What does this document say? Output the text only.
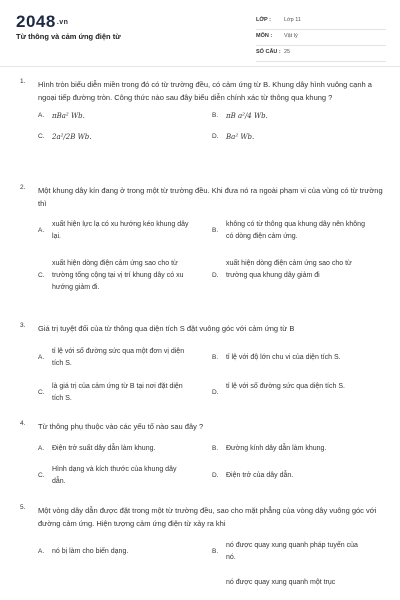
2048.vn
Từ thông và cảm ứng điện từ
LỚP : Lớp 11
MÔN : Vật lý
SỐ CÂU : 25
1.	Hình tròn biểu diễn miền trong đó có từ trường đều, có cảm ứng từ B. Khung dây hình vuông cạnh a ngoại tiếp đường tròn. Công thức nào sau đây biểu diễn chính xác từ thông qua khung ?
A. πBa² Wb.	B. πB a²/4 Wb.
C. 2a²/2B Wb.	D. Ba² Wb.
2.	Một khung dây kín đang ở trong một từ trường đều. Khi đưa nó ra ngoài phạm vi của vùng có từ trường thì
A.
xuất hiện lực lạ có xu hướng kéo khung dây lại.
B.
không có từ thông qua khung dây nên không có dòng điện cảm ứng.
C.
xuất hiện dòng điện cảm ứng sao cho từ trường tổng cộng tại vị trí khung dây có xu hướng giảm đi.
D.
xuất hiện dòng điện cảm ứng sao cho từ trường qua khung dây giảm đi
3.	Giá trị tuyệt đối của từ thông qua diện tích S đặt vuông góc với cảm ứng từ B
A.
tỉ lệ với số đường sức qua một đơn vị diện tích S.
B. tỉ lệ với độ lớn chu vi của diện tích S.
C.
là giá trị của cảm ứng từ B tại nơi đặt diện tích S.
D.
tỉ lệ với số đường sức qua diện tích S.
4.	Từ thông phụ thuộc vào các yếu tố nào sau đây ?
A. Điện trở suất dây dẫn làm khung.	B. Đường kính dây dẫn làm khung.
C.
Hình dạng và kích thước của khung dây dẫn.
D. Điện trở của dây dẫn.
5.	Một vòng dây dẫn được đặt trong một từ trường đều, sao cho mặt phẳng của vòng dây vuông góc với đường cảm ứng. Hiện tượng cảm ứng điện từ xảy ra khi
A. nó bị làm cho biến dạng.	B.
nó được quay xung quanh pháp tuyến của nó.
nó được quay xung quanh một trục
